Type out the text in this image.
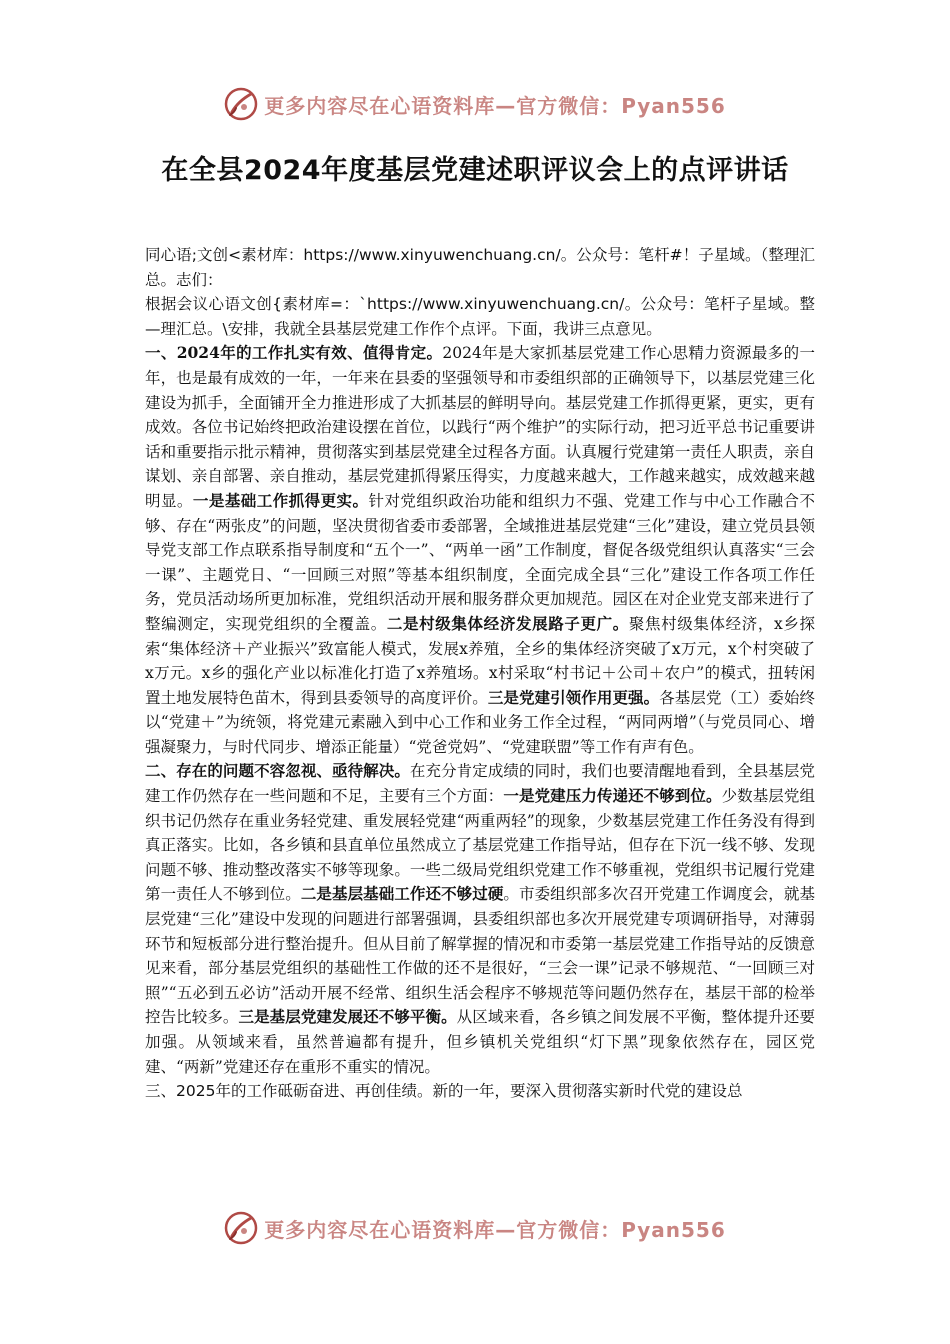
更多内容尽在心语资料库—官方微信：Pyan556
在全县2024年度基层党建述职评议会上的点评讲话

同心语;文创<素材库：https://www.xinyuwenchuang.cn/。公众号：笔杆#！子星域。（整理汇总。志们：

根据会议心语文创{素材库=：`https://www.xinyuwenchuang.cn/。公众号：笔杆子星域。整—理汇总。\安排，我就全县基层党建工作作个点评。下面，我讲三点意见。

一、2024年的工作扎实有效、值得肯定。2024年是大家抓基层党建工作心思精力资源最多的一年，也是最有成效的一年，一年来在县委的坚强领导和市委组织部的正确领导下，以基层党建三化建设为抓手，全面铺开全力推进形成了大抓基层的鲜明导向。基层党建工作抓得更紧，更实，更有成效。各位书记始终把政治建设摆在首位，以践行“两个维护”的实际行动，把习近平总书记重要讲话和重要指示批示精神，贯彻落实到基层党建全过程各方面。认真履行党建第一责任人职责，亲自谋划、亲自部署、亲自推动，基层党建抓得紧压得实，力度越来越大，工作越来越实，成效越来越明显。一是基础工作抓得更实。针对党组织政治功能和组织力不强、党建工作与中心工作融合不够、存在“两张皮”的问题，坚决贯彻省委市委部署，全域推进基层党建“三化”建设，建立党员县领导党支部工作点联系指导制度和“五个一”、“两单一函”工作制度，督促各级党组织认真落实“三会一课”、主题党日、“一回顾三对照”等基本组织制度，全面完成全县“三化”建设工作各项工作任务，党员活动场所更加标准，党组织活动开展和服务群众更加规范。园区在对企业党支部来进行了整编测定，实现党组织的全覆盖。二是村级集体经济发展路子更广。聚焦村级集体经济，x乡探索“集体经济＋产业振兴”致富能人模式，发展x养殖，全乡的集体经济突破了x万元，x个村突破了x万元。x乡的强化产业以标准化打造了x养殖场。x村采取“村书记＋公司＋农户”的模式，扭转闲置土地发展特色苗木，得到县委领导的高度评价。三是党建引领作用更强。各基层党（工）委始终以“党建＋”为统领，将党建元素融入到中心工作和业务工作全过程，“两同两增”（与党员同心、增强凝聚力，与时代同步、增添正能量）“党爸党妈”、“党建联盟”等工作有声有色。

二、存在的问题不容忽视、亟待解决。在充分肯定成绩的同时，我们也要清醒地看到，全县基层党建工作仍然存在一些问题和不足，主要有三个方面：一是党建压力传递还不够到位。少数基层党组织书记仍然存在重业务轻党建、重发展轻党建“两重两轻”的现象，少数基层党建工作任务没有得到真正落实。比如，各乡镇和县直单位虽然成立了基层党建工作指导站，但存在下沉一线不够、发现问题不够、推动整改落实不够等现象。一些二级局党组织党建工作不够重视，党组织书记履行党建第一责任人不够到位。二是基层基础工作还不够过硬。市委组织部多次召开党建工作调度会，就基层党建“三化”建设中发现的问题进行部署强调，县委组织部也多次开展党建专项调研指导，对薄弱环节和短板部分进行整治提升。但从目前了解掌握的情况和市委第一基层党建工作指导站的反馈意见来看，部分基层党组织的基础性工作做的还不是很好，“三会一课”记录不够规范、“一回顾三对照”“五必到五必访”活动开展不经常、组织生活会程序不够规范等问题仍然存在，基层干部的检举控告比较多。三是基层党建发展还不够平衡。从区域来看，各乡镇之间发展不平衡，整体提升还要加强。从领域来看，虽然普遍都有提升，但乡镇机关党组织“灯下黑”现象依然存在，园区党建、“两新”党建还存在重形不重实的情况。

三、2025年的工作砥砺奋进、再创佳绩。新的一年，要深入贯彻落实新时代党的建设总

更多内容尽在心语资料库—官方微信：Pyan556
